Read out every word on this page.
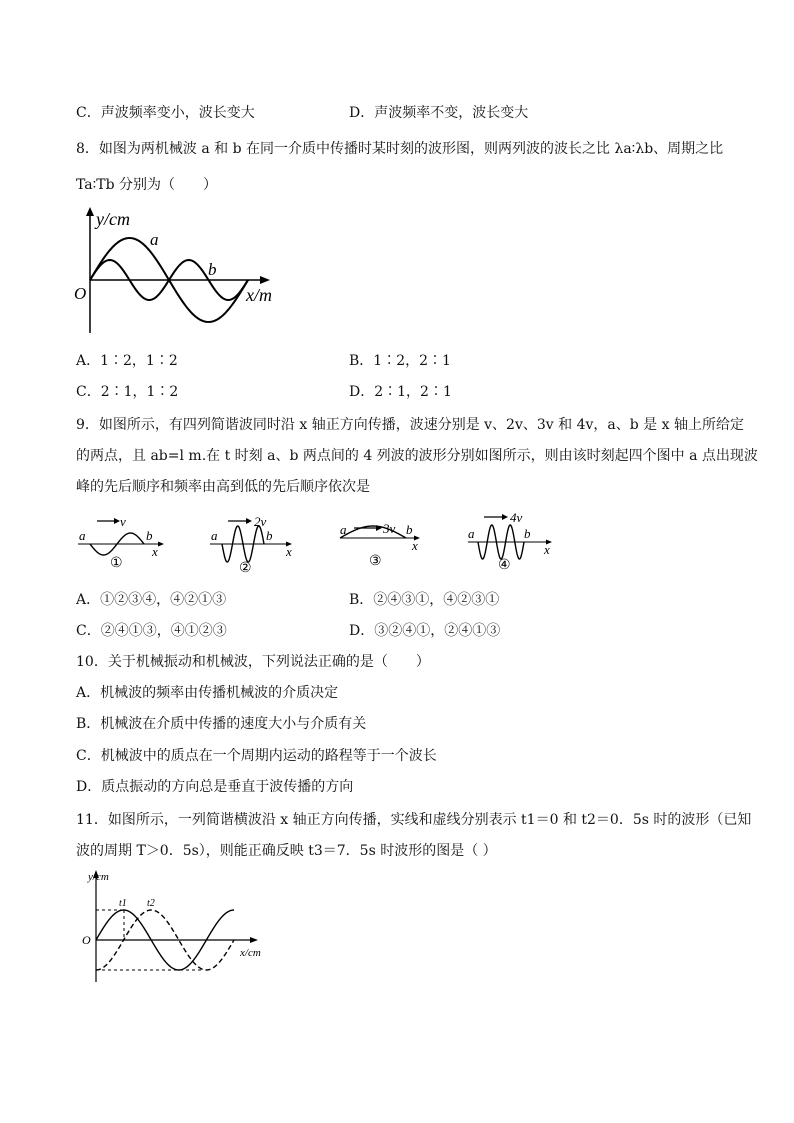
C．声波频率变小，波长变大	D．声波频率不变，波长变大
8．如图为两机械波 a 和 b 在同一介质中传播时某时刻的波形图，则两列波的波长之比 λa∶λb、周期之比
Ta∶Tb 分别为（　　）
y/cm
a
b
O	x/m
A．1∶2，1∶2	B．1∶2，2∶1
C．2∶1，1∶2	D．2∶1，2∶1
9．如图所示，有四列简谐波同时沿 x 轴正方向传播，波速分别是 v、2v、3v 和 4v，a、b 是 x 轴上所给定
的两点，且 ab=l m.在 t 时刻 a、b 两点间的 4 列波的波形分别如图所示，则由该时刻起四个图中 a 点出现波
峰的先后顺序和频率由高到低的先后顺序依次是
v
a	b
x
①
2v
a	b
x
②
3v
a	b
x
③
4v
a	b
x
④
A．①②③④，④②①③	B．②④③①，④②③①
C．②④①③，④①②③	D．③②④①，②④①③
10．关于机械振动和机械波，下列说法正确的是（　　）
A．机械波的频率由传播机械波的介质决定
B．机械波在介质中传播的速度大小与介质有关
C．机械波中的质点在一个周期内运动的路程等于一个波长
D．质点振动的方向总是垂直于波传播的方向
11．如图所示，一列简谐横波沿 x 轴正方向传播，实线和虚线分别表示 t1＝0 和 t2＝0．5s 时的波形（已知
波的周期 T＞0．5s），则能正确反映 t3＝7．5s 时波形的图是（ ）
y/cm
t1 t2
O
x/cm
